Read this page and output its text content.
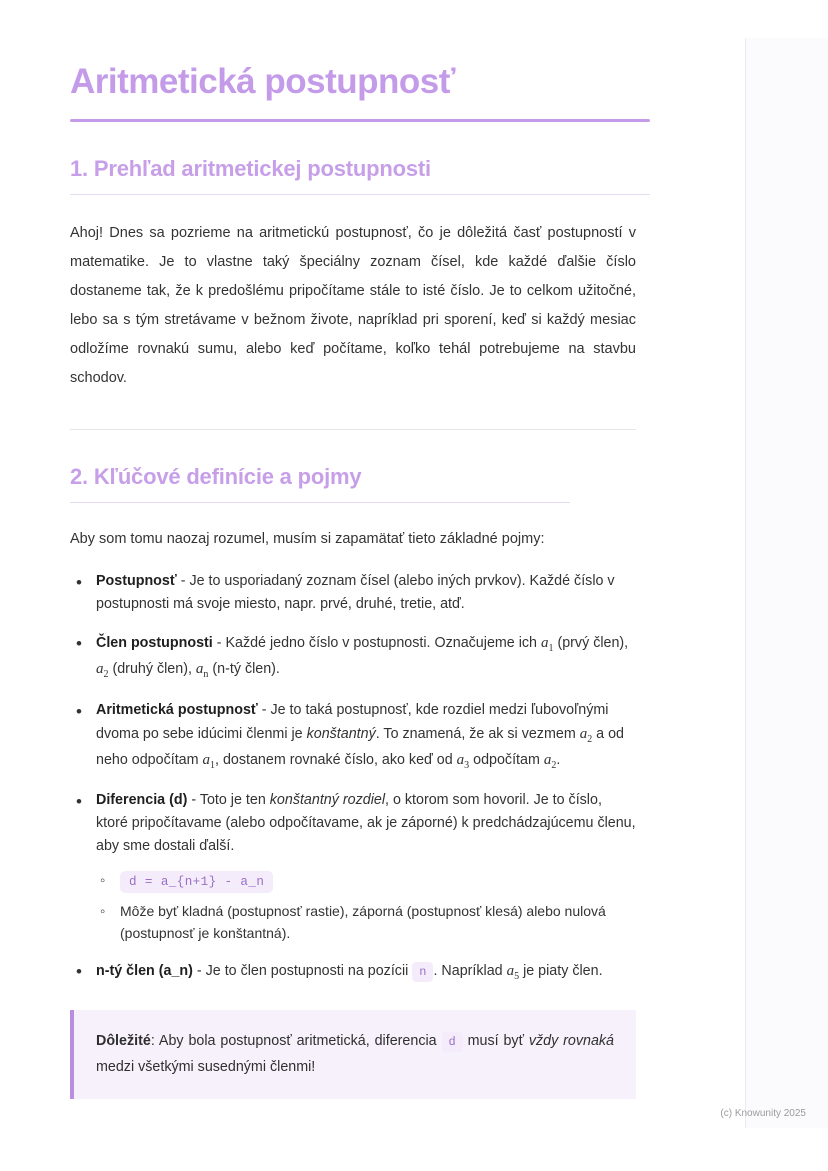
(c) Knowunity 2025
Aritmetická postupnosť
1. Prehľad aritmetickej postupnosti

Ahoj! Dnes sa pozrieme na aritmetickú postupnosť, čo je dôležitá časť postupností v matematike. Je to vlastne taký špeciálny zoznam čísel, kde každé ďalšie číslo dostaneme tak, že k predošlému pripočítame stále to isté číslo. Je to celkom užitočné, lebo sa s tým stretávame v bežnom živote, napríklad pri sporení, keď si každý mesiac odložíme rovnakú sumu, alebo keď počítame, koľko tehál potrebujeme na stavbu schodov.

2. Kľúčové definície a pojmy

Aby som tomu naozaj rozumel, musím si zapamätať tieto základné pojmy:

• Postupnosť - Je to usporiadaný zoznam čísel (alebo iných prvkov). Každé číslo v postupnosti má svoje miesto, napr. prvé, druhé, tretie, atď.
• Člen postupnosti - Každé jedno číslo v postupnosti. Označujeme ich $a_1$ (prvý člen), $a_2$ (druhý člen), $a_n$ (n-tý člen).
• Aritmetická postupnosť - Je to taká postupnosť, kde rozdiel medzi ľubovoľnými dvoma po sebe idúcimi členmi je konštantný. To znamená, že ak si vezmem $a_2$ a od neho odpočítam $a_1$, dostanem rovnaké číslo, ako keď od $a_3$ odpočítam $a_2$.
• Diferencia (d) - Toto je ten konštantný rozdiel, o ktorom som hovoril. Je to číslo, ktoré pripočítavame (alebo odpočítavame, ak je záporné) k predchádzajúcemu členu, aby sme dostali ďalší.
◦ d = a_{n+1} - a_n
◦ Môže byť kladná (postupnosť rastie), záporná (postupnosť klesá) alebo nulová (postupnosť je konštantná).
• n-tý člen (a_n) - Je to člen postupnosti na pozícii n . Napríklad $a_5$ je piaty člen.
Dôležité: Aby bola postupnosť aritmetická, diferencia d musí byť vždy rovnaká medzi všetkými susednými členmi!
